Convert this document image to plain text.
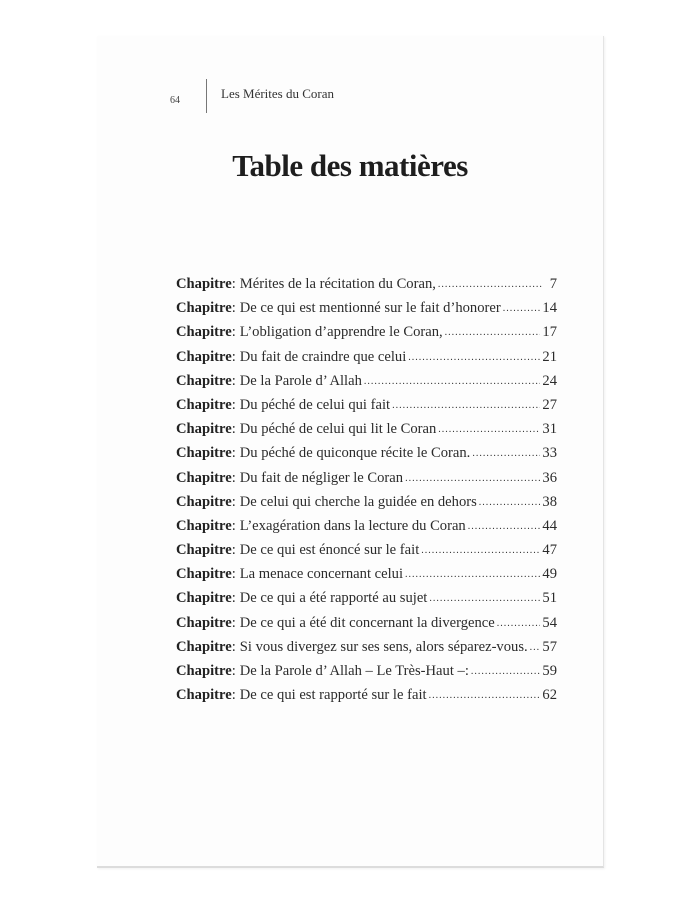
64	Les Mérites du Coran
Table des matières
Chapitre : Mérites de la récitation du Coran, .....	7
Chapitre : De ce qui est mentionné sur le fait d’honorer .....	14
Chapitre : L’obligation d’apprendre le Coran, .....	17
Chapitre : Du fait de craindre que celui .....	21
Chapitre : De la Parole d’ Allah .....	24
Chapitre : Du péché de celui qui fait .....	27
Chapitre : Du péché de celui qui lit le Coran .....	31
Chapitre : Du péché de quiconque récite le Coran. .....	33
Chapitre : Du fait de négliger le Coran .....	36
Chapitre : De celui qui cherche la guidée en dehors .....	38
Chapitre : L’exagération dans la lecture du Coran .....	44
Chapitre : De ce qui est énoncé sur le fait .....	47
Chapitre : La menace concernant celui .....	49
Chapitre : De ce qui a été rapporté au sujet .....	51
Chapitre : De ce qui a été dit concernant la divergence .....	54
Chapitre : Si vous divergez sur ses sens, alors séparez-vous. ..... 57
Chapitre : De la Parole d’ Allah – Le Très-Haut –: .....	59
Chapitre : De ce qui est rapporté sur le fait .....	62
